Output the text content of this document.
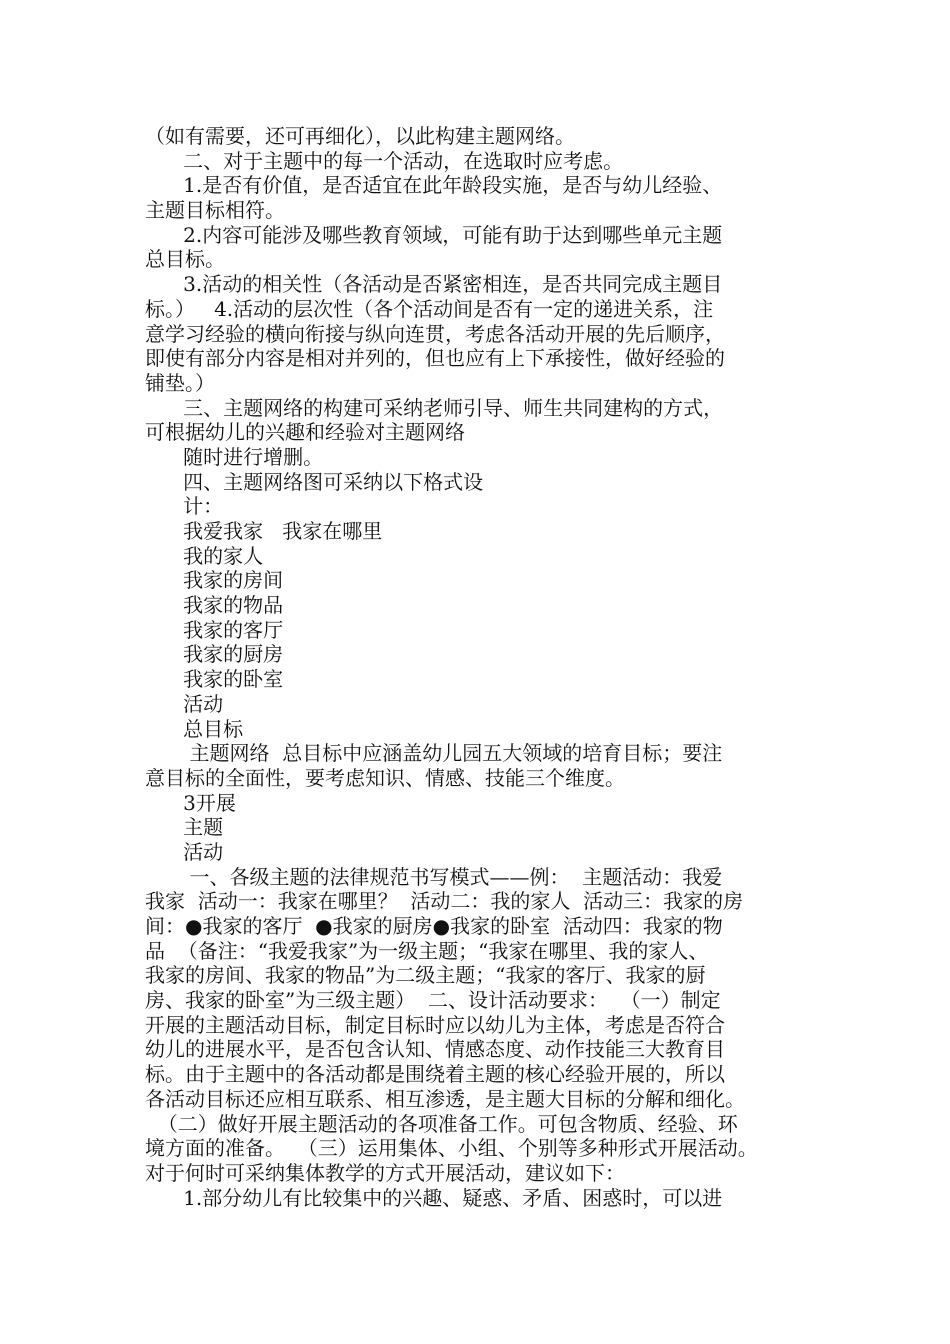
（如有需要，还可再细化），以此构建主题网络。
二、对于主题中的每一个活动，在选取时应考虑。
1.是否有价值，是否适宜在此年龄段实施，是否与幼儿经验、
主题目标相符。
2.内容可能涉及哪些教育领域，可能有助于达到哪些单元主题
总目标。
3.活动的相关性（各活动是否紧密相连，是否共同完成主题目
标。）   4.活动的层次性（各个活动间是否有一定的递进关系，注
意学习经验的横向衔接与纵向连贯，考虑各活动开展的先后顺序，
即使有部分内容是相对并列的，但也应有上下承接性，做好经验的
铺垫。）
三、主题网络的构建可采纳老师引导、师生共同建构的方式，
可根据幼儿的兴趣和经验对主题网络
随时进行增删。
四、主题网络图可采纳以下格式设
计：
我爱我家   我家在哪里
我的家人
我家的房间
我家的物品
我家的客厅
我家的厨房
我家的卧室
活动
总目标
主题网络  总目标中应涵盖幼儿园五大领域的培育目标；要注
意目标的全面性，要考虑知识、情感、技能三个维度。
3开展
主题
活动
一、各级主题的法律规范书写模式——例：  主题活动：我爱
我家  活动一：我家在哪里？  活动二：我的家人  活动三：我家的房
间：●我家的客厅  ●我家的厨房●我家的卧室  活动四：我家的物
品  （备注：“我爱我家”为一级主题；“我家在哪里、我的家人、
我家的房间、我家的物品”为二级主题；“我家的客厅、我家的厨
房、我家的卧室”为三级主题）  二、设计活动要求：  （一）制定
开展的主题活动目标，制定目标时应以幼儿为主体，考虑是否符合
幼儿的进展水平，是否包含认知、情感态度、动作技能三大教育目
标。由于主题中的各活动都是围绕着主题的核心经验开展的，所以
各活动目标还应相互联系、相互渗透，是主题大目标的分解和细化。
（二）做好开展主题活动的各项准备工作。可包含物质、经验、环
境方面的准备。  （三）运用集体、小组、个别等多种形式开展活动。
对于何时可采纳集体教学的方式开展活动，建议如下：
1.部分幼儿有比较集中的兴趣、疑惑、矛盾、困惑时，可以进
